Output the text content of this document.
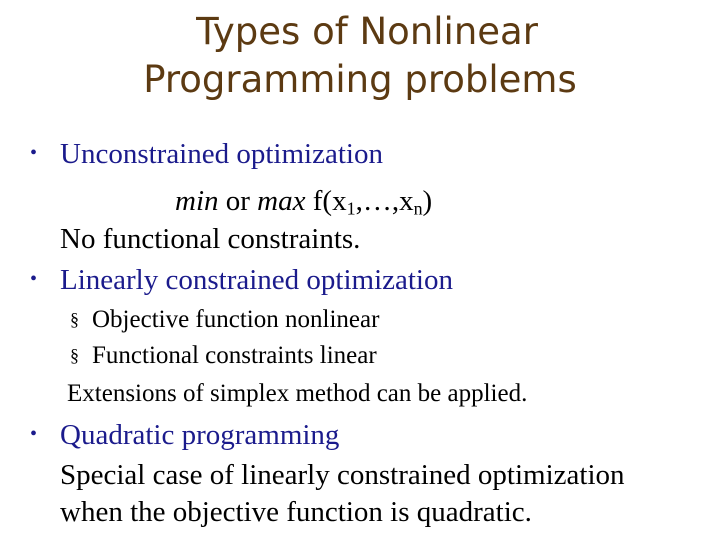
Types of Nonlinear
Programming problems
• Unconstrained optimization
min or $\max f(x_1,\dots,x_n)$
No functional constraints.
• Linearly constrained optimization
§ Objective function nonlinear
§ Functional constraints linear
Extensions of simplex method can be applied.
• Quadratic programming
Special case of linearly constrained optimization
when the objective function is quadratic.
